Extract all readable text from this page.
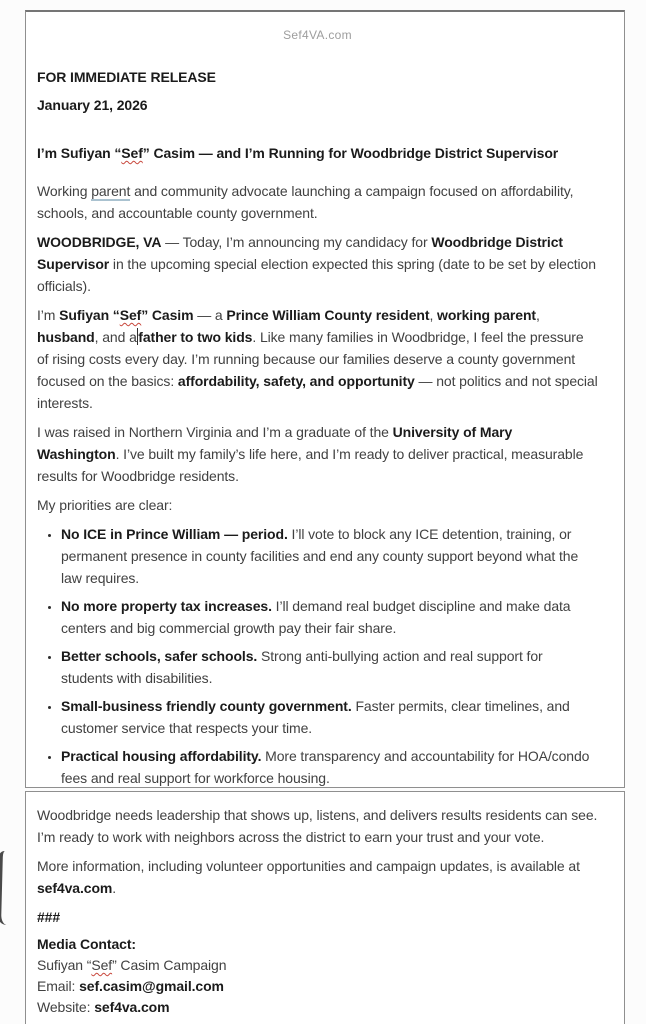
Sef4VA.com

FOR IMMEDIATE RELEASE

January 21, 2026

I’m Sufiyan “Sef” Casim — and I’m Running for Woodbridge District Supervisor

Working parent and community advocate launching a campaign focused on affordability, schools, and accountable county government.

WOODBRIDGE, VA — Today, I’m announcing my candidacy for Woodbridge District Supervisor in the upcoming special election expected this spring (date to be set by election officials).

I’m Sufiyan “Sef” Casim — a Prince William County resident, working parent, husband, and a father to two kids. Like many families in Woodbridge, I feel the pressure of rising costs every day. I’m running because our families deserve a county government focused on the basics: affordability, safety, and opportunity — not politics and not special interests.

I was raised in Northern Virginia and I’m a graduate of the University of Mary Washington. I’ve built my family’s life here, and I’m ready to deliver practical, measurable results for Woodbridge residents.

My priorities are clear:

• No ICE in Prince William — period. I’ll vote to block any ICE detention, training, or permanent presence in county facilities and end any county support beyond what the law requires.
• No more property tax increases. I’ll demand real budget discipline and make data centers and big commercial growth pay their fair share.
• Better schools, safer schools. Strong anti-bullying action and real support for students with disabilities.
• Small-business friendly county government. Faster permits, clear timelines, and customer service that respects your time.
• Practical housing affordability. More transparency and accountability for HOA/condo fees and real support for workforce housing.

Woodbridge needs leadership that shows up, listens, and delivers results residents can see. I’m ready to work with neighbors across the district to earn your trust and your vote.

More information, including volunteer opportunities and campaign updates, is available at sef4va.com.

###

Media Contact:

Sufiyan “Sef” Casim Campaign

Email: sef.casim@gmail.com

Website: sef4va.com
